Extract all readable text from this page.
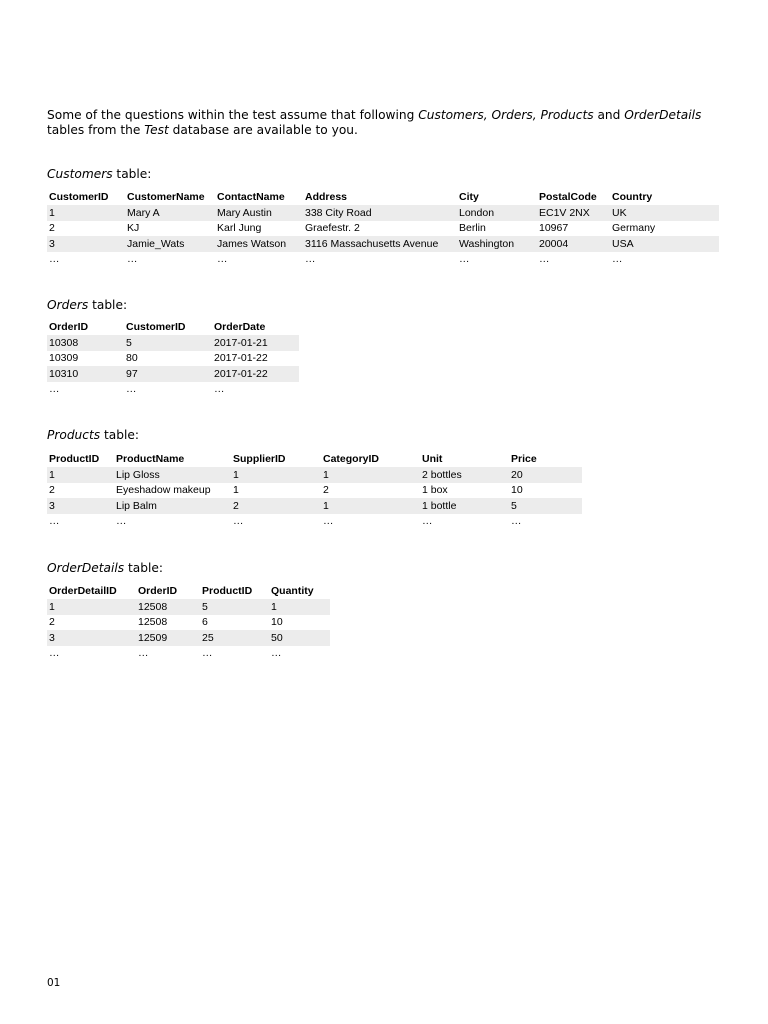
Some of the questions within the test assume that following Customers, Orders, Products and OrderDetails tables from the Test database are available to you.
Customers table:
CustomerID	CustomerName	ContactName	Address	City	PostalCode	Country
1	Mary A	Mary Austin	338 City Road	London	EC1V 2NX	UK
2	KJ	Karl Jung	Graefestr. 2	Berlin	10967	Germany
3	Jamie_Wats	James Watson	3116 Massachusetts Avenue	Washington	20004	USA
…	…	…	…	…	…	…
Orders table:
OrderID	CustomerID	OrderDate
10308	5	2017-01-21
10309	80	2017-01-22
10310	97	2017-01-22
…	…	…
Products table:
ProductID	ProductName	SupplierID	CategoryID	Unit	Price
1	Lip Gloss	1	1	2 bottles	20
2	Eyeshadow makeup	1	2	1 box	10
3	Lip Balm	2	1	1 bottle	5
…	…	…	…	…	…
OrderDetails table:
OrderDetailID	OrderID	ProductID	Quantity
1	12508	5	1
2	12508	6	10
3	12509	25	50
…	…	…	…
01
